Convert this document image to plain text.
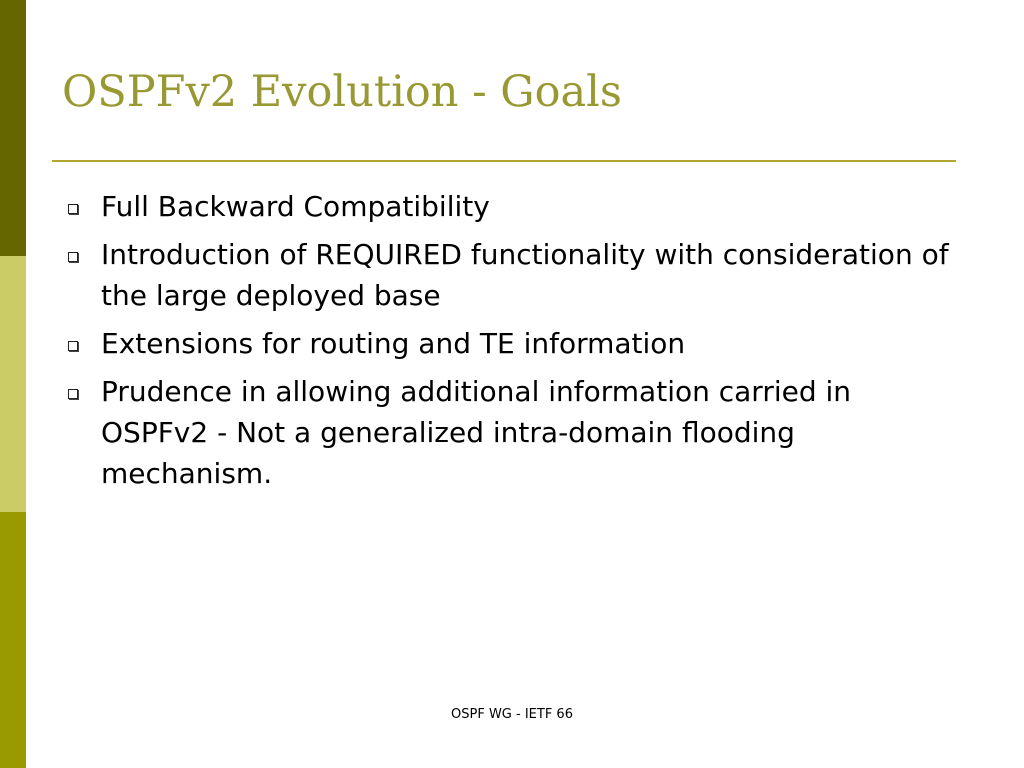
OSPFv2 Evolution - Goals
Full Backward Compatibility
Introduction of REQUIRED functionality with consideration of the large deployed base
Extensions for routing and TE information
Prudence in allowing additional information carried in OSPFv2 - Not a generalized intra-domain flooding mechanism.
OSPF WG - IETF 66
